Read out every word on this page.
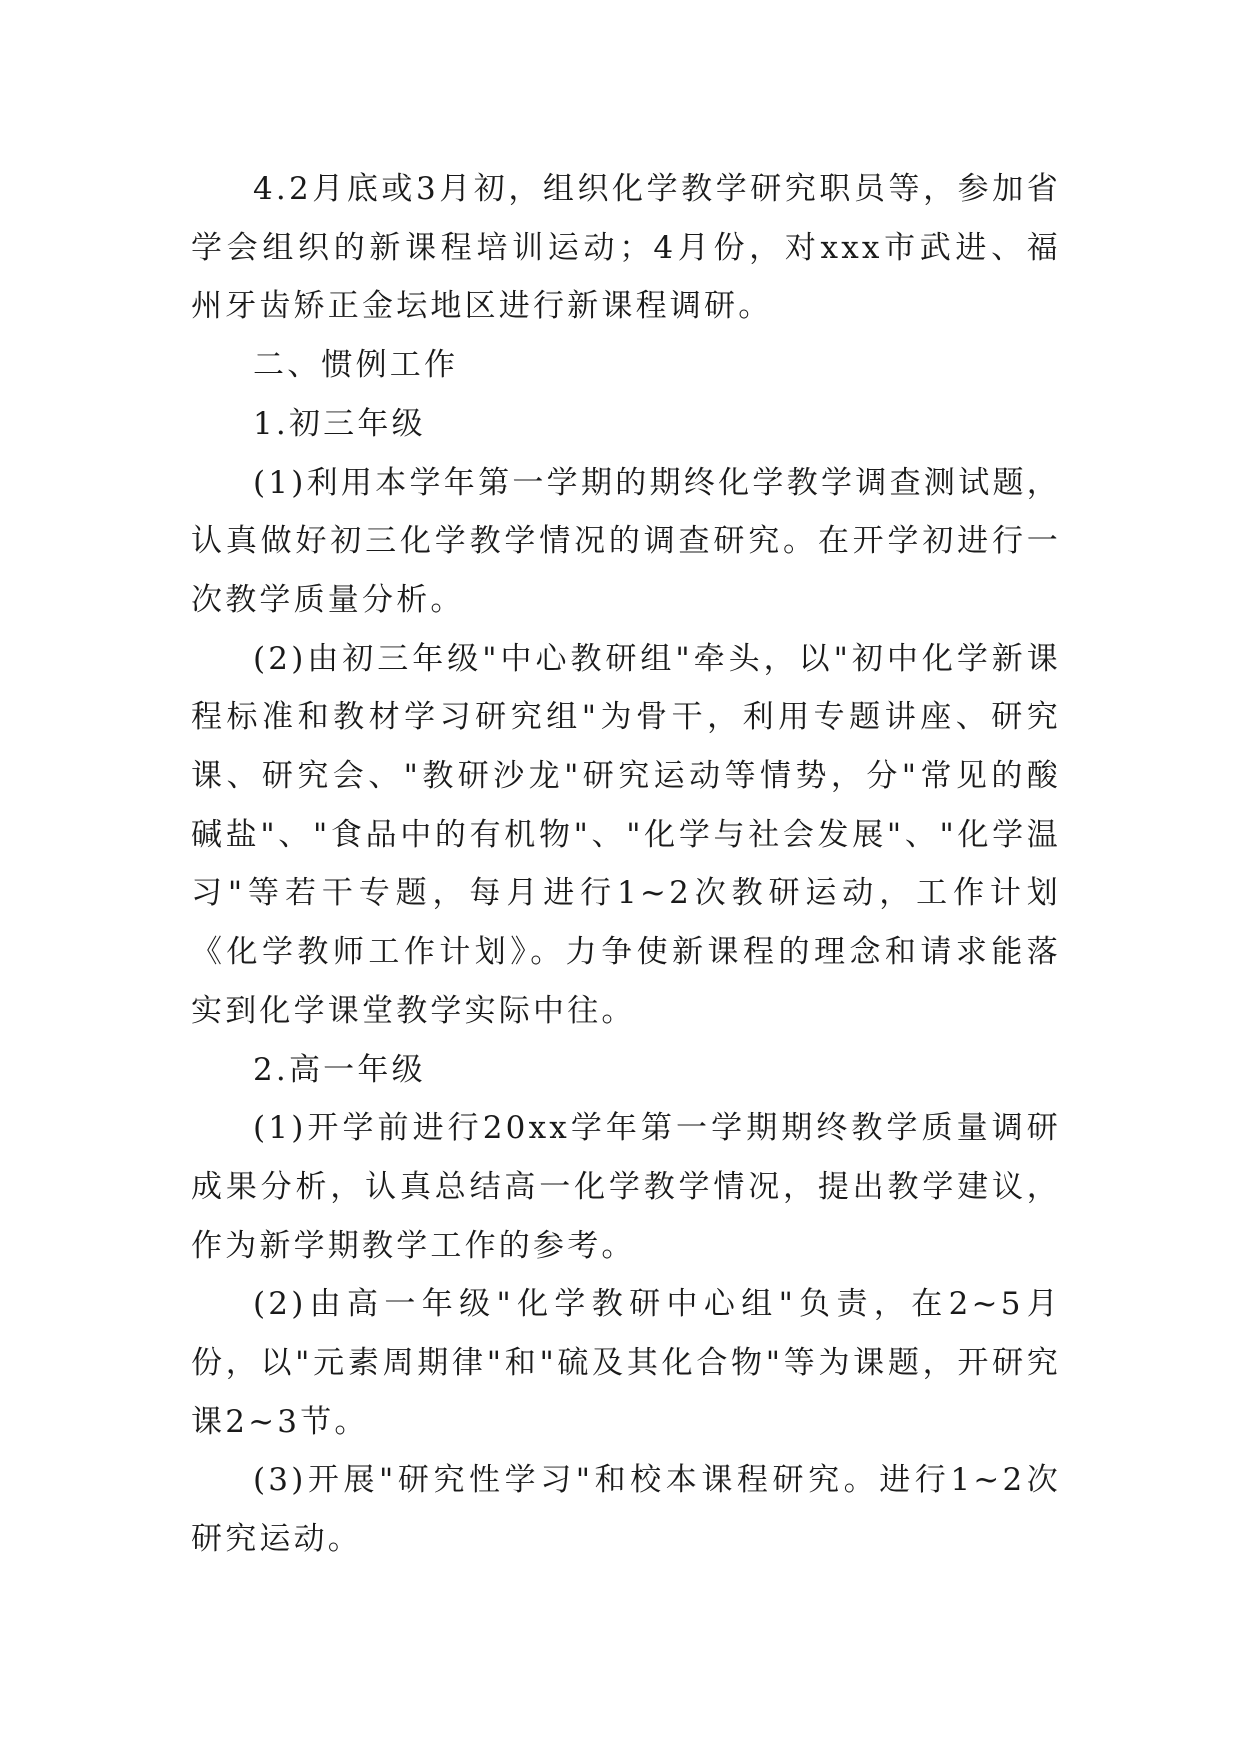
4.2月底或3月初，组织化学教学研究职员等，参加省学会组织的新课程培训运动；4月份，对xxx市武进、福州牙齿矫正金坛地区进行新课程调研。

二、惯例工作

1.初三年级

(1)利用本学年第一学期的期终化学教学调查测试题，认真做好初三化学教学情况的调查研究。在开学初进行一次教学质量分析。

(2)由初三年级"中心教研组"牵头，以"初中化学新课程标准和教材学习研究组"为骨干，利用专题讲座、研究课、研究会、"教研沙龙"研究运动等情势，分"常见的酸碱盐"、"食品中的有机物"、"化学与社会发展"、"化学温习"等若干专题，每月进行1~2次教研运动，工作计划《化学教师工作计划》。力争使新课程的理念和请求能落实到化学课堂教学实际中往。

2.高一年级

(1)开学前进行20xx学年第一学期期终教学质量调研成果分析，认真总结高一化学教学情况，提出教学建议，作为新学期教学工作的参考。

(2)由高一年级"化学教研中心组"负责，在2~5月份，以"元素周期律"和"硫及其化合物"等为课题，开研究课2~3节。

(3)开展"研究性学习"和校本课程研究。进行1~2次研究运动。
